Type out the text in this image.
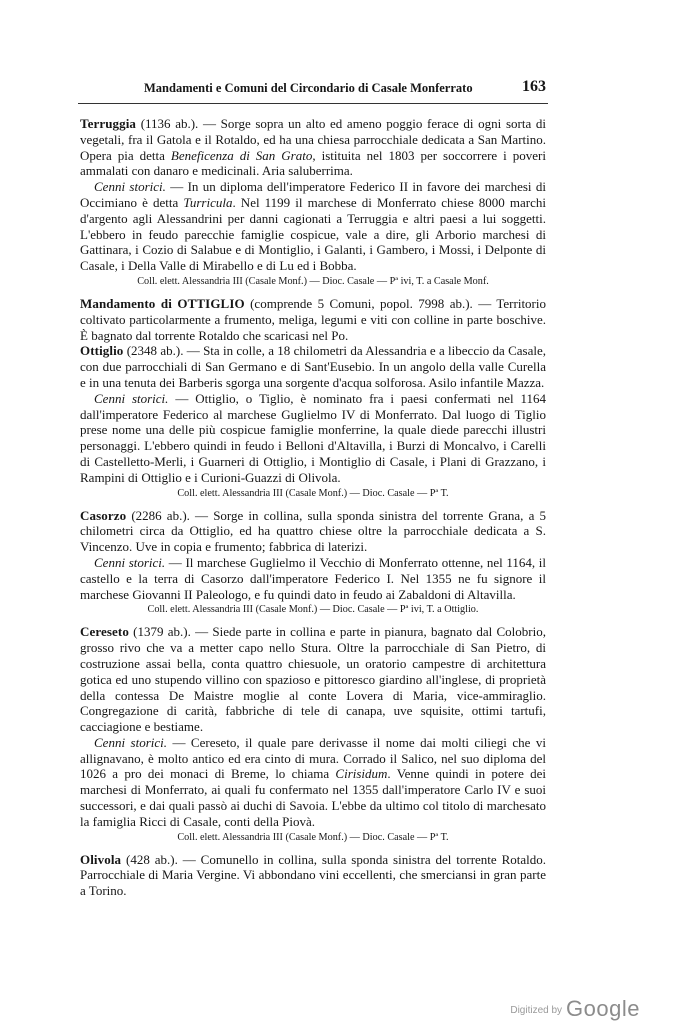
Mandamenti e Comuni del Circondario di Casale Monferrato	163

Terruggia (1136 ab.). — Sorge sopra un alto ed ameno poggio ferace di ogni sorta di vegetali, fra il Gatola e il Rotaldo, ed ha una chiesa parrocchiale dedicata a San Martino. Opera pia detta Beneficenza di San Grato, istituita nel 1803 per soccorrere i poveri ammalati con danaro e medicinali. Aria saluberrima.

Cenni storici. — In un diploma dell'imperatore Federico II in favore dei marchesi di Occimiano è detta Turricula. Nel 1199 il marchese di Monferrato chiese 8000 marchi d'argento agli Alessandrini per danni cagionati a Terruggia e altri paesi a lui soggetti. L'ebbero in feudo parecchie famiglie cospicue, vale a dire, gli Arborio marchesi di Gattinara, i Cozio di Salabue e di Montiglio, i Galanti, i Gambero, i Mossi, i Delponte di Casale, i Della Valle di Mirabello e di Lu ed i Bobba.

Coll. elett. Alessandria III (Casale Monf.) — Dioc. Casale — Pª ivi, T. a Casale Monf.

Mandamento di OTTIGLIO (comprende 5 Comuni, popol. 7998 ab.). — Territorio coltivato particolarmente a frumento, meliga, legumi e viti con colline in parte boschive. È bagnato dal torrente Rotaldo che scaricasi nel Po.

Ottiglio (2348 ab.). — Sta in colle, a 18 chilometri da Alessandria e a libeccio da Casale, con due parrocchiali di San Germano e di Sant'Eusebio. In un angolo della valle Curella e in una tenuta dei Barberis sgorga una sorgente d'acqua solforosa. Asilo infantile Mazza.

Cenni storici. — Ottiglio, o Tiglio, è nominato fra i paesi confermati nel 1164 dall'imperatore Federico al marchese Guglielmo IV di Monferrato. Dal luogo di Tiglio prese nome una delle più cospicue famiglie monferrine, la quale diede parecchi illustri personaggi. L'ebbero quindi in feudo i Belloni d'Altavilla, i Burzi di Moncalvo, i Carelli di Castelletto-Merli, i Guarneri di Ottiglio, i Montiglio di Casale, i Plani di Grazzano, i Rampini di Ottiglio e i Curioni-Guazzi di Olivola.

Coll. elett. Alessandria III (Casale Monf.) — Dioc. Casale — Pª T.

Casorzo (2286 ab.). — Sorge in collina, sulla sponda sinistra del torrente Grana, a 5 chilometri circa da Ottiglio, ed ha quattro chiese oltre la parrocchiale dedicata a S. Vincenzo. Uve in copia e frumento; fabbrica di laterizi.

Cenni storici. — Il marchese Guglielmo il Vecchio di Monferrato ottenne, nel 1164, il castello e la terra di Casorzo dall'imperatore Federico I. Nel 1355 ne fu signore il marchese Giovanni II Paleologo, e fu quindi dato in feudo ai Zabaldoni di Altavilla.

Coll. elett. Alessandria III (Casale Monf.) — Dioc. Casale — Pª ivi, T. a Ottiglio.

Cereseto (1379 ab.). — Siede parte in collina e parte in pianura, bagnato dal Colobrio, grosso rivo che va a metter capo nello Stura. Oltre la parrocchiale di San Pietro, di costruzione assai bella, conta quattro chiesuole, un oratorio campestre di architettura gotica ed uno stupendo villino con spazioso e pittoresco giardino all'inglese, di proprietà della contessa De Maistre moglie al conte Lovera di Maria, vice-ammiraglio. Congregazione di carità, fabbriche di tele di canapa, uve squisite, ottimi tartufi, cacciagione e bestiame.

Cenni storici. — Cereseto, il quale pare derivasse il nome dai molti ciliegi che vi allignavano, è molto antico ed era cinto di mura. Corrado il Salico, nel suo diploma del 1026 a pro dei monaci di Breme, lo chiama Cirisidum. Venne quindi in potere dei marchesi di Monferrato, ai quali fu confermato nel 1355 dall'imperatore Carlo IV e suoi successori, e dai quali passò ai duchi di Savoia. L'ebbe da ultimo col titolo di marchesato la famiglia Ricci di Casale, conti della Piovà.

Coll. elett. Alessandria III (Casale Monf.) — Dioc. Casale — Pª T.

Olivola (428 ab.). — Comunello in collina, sulla sponda sinistra del torrente Rotaldo. Parrocchiale di Maria Vergine. Vi abbondano vini eccellenti, che smerciansi in gran parte a Torino.

Digitized by Google
